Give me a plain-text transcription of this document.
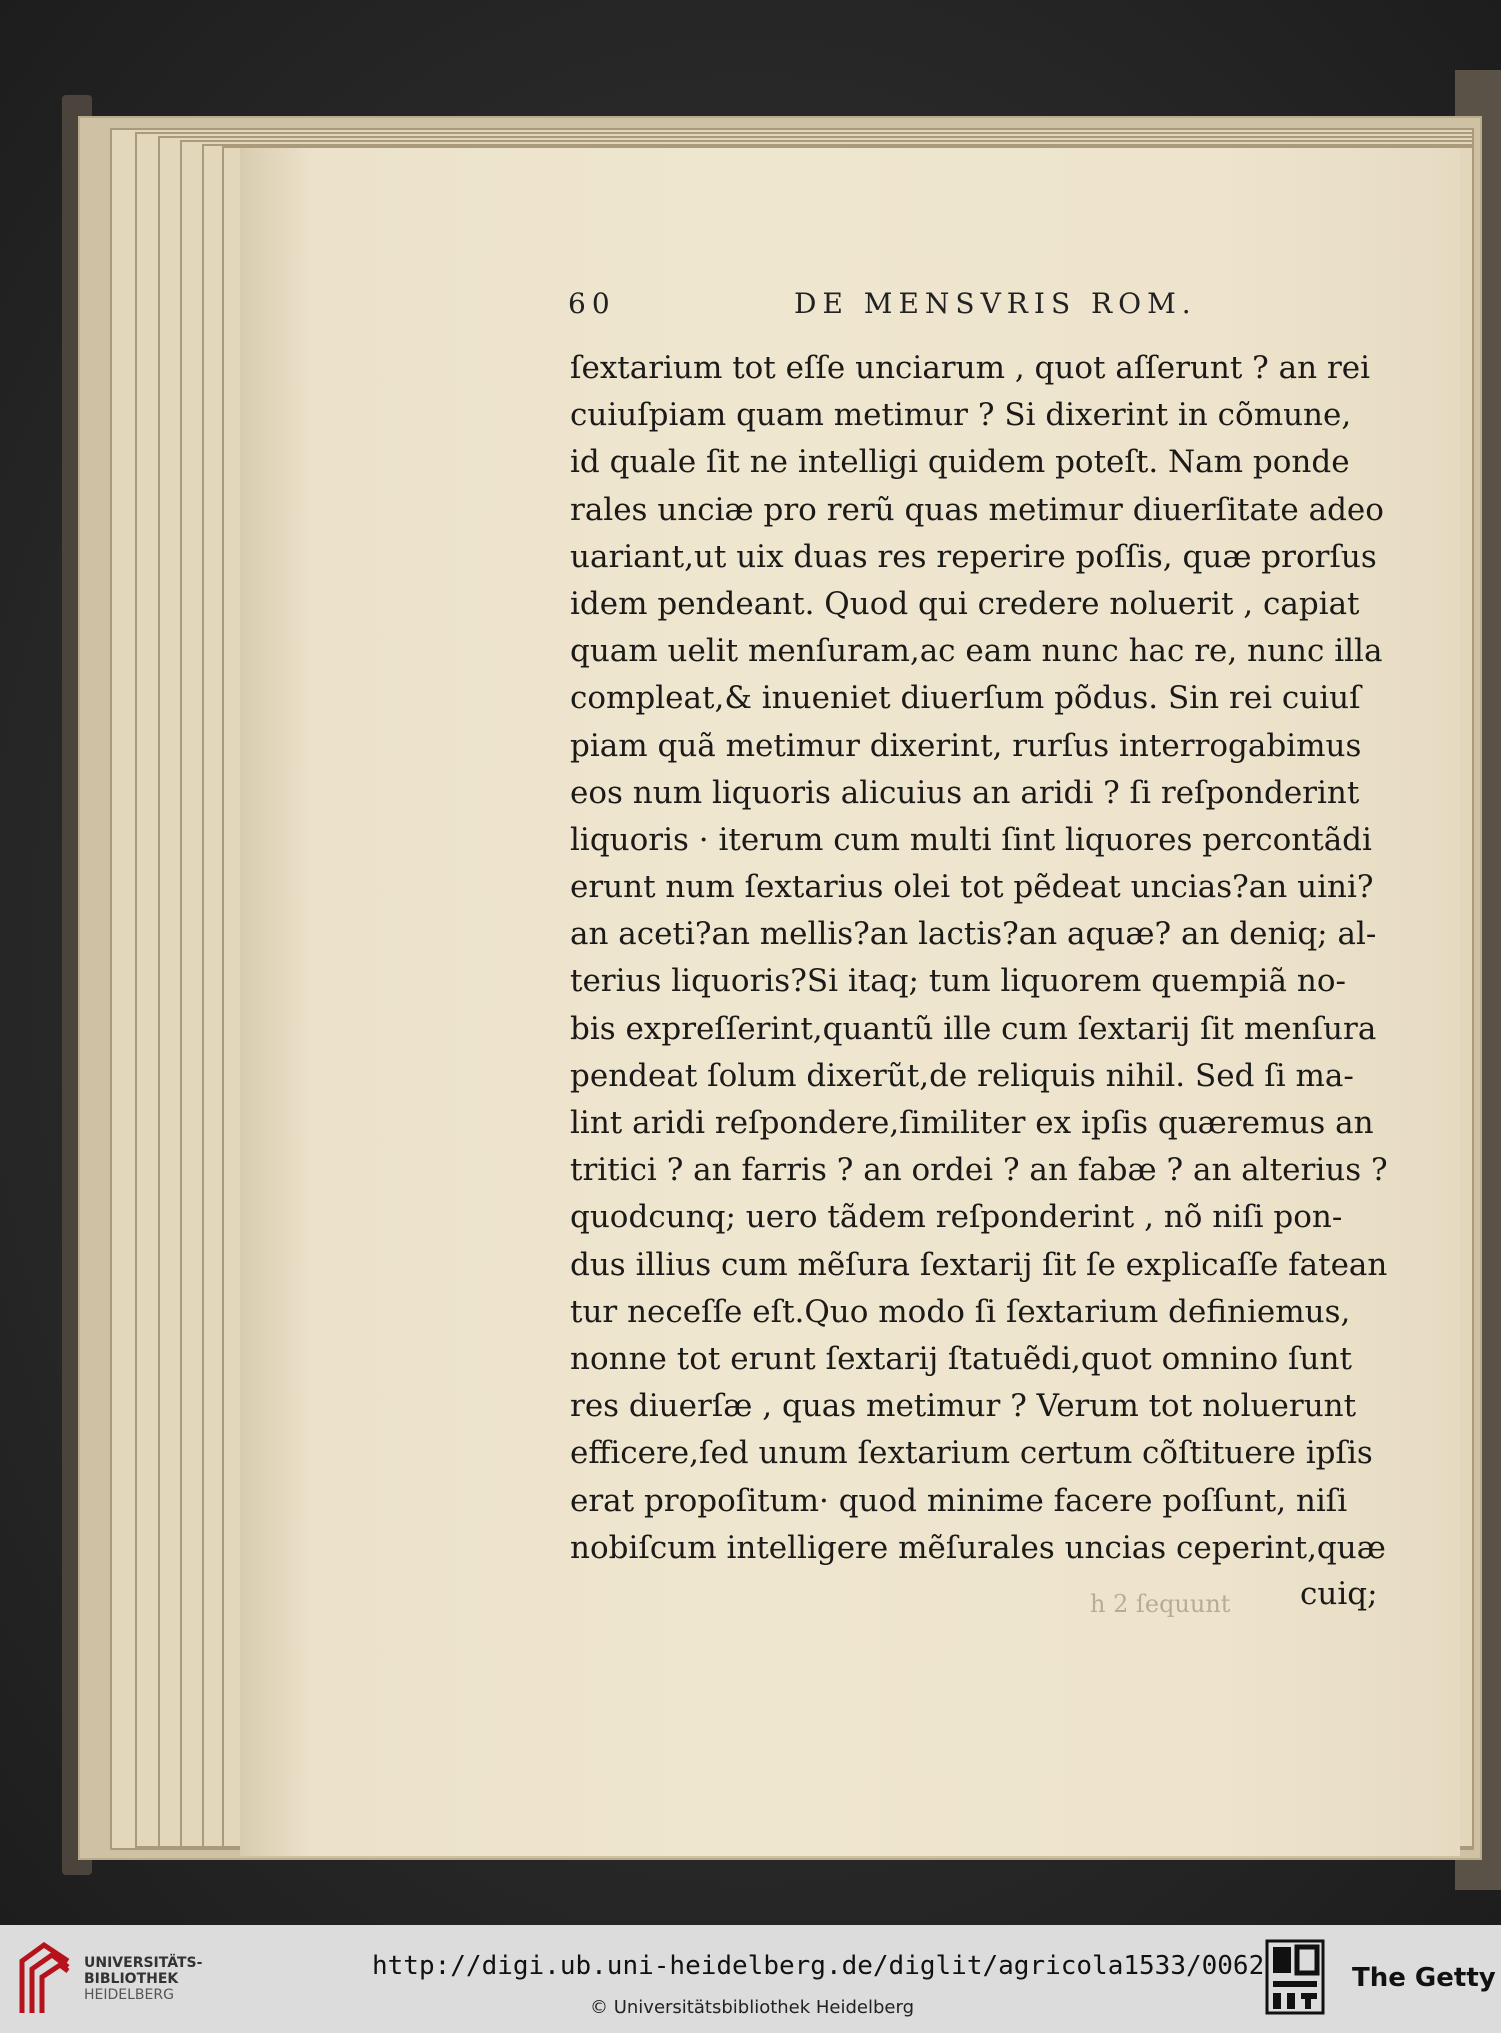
60	DE MENSVRIS ROM.
ſextarium tot eſſe unciarum , quot aſſerunt ? an rei
cuiuſpiam quam metimur ? Si dixerint in cõmune,
id quale ſit ne intelligi quidem poteſt. Nam ponde
rales unciæ pro rerũ quas metimur diuerſitate adeo
uariant,ut uix duas res reperire poſſis, quæ prorſus
idem pendeant. Quod qui credere noluerit , capiat
quam uelit menſuram,ac eam nunc hac re, nunc illa
compleat,& inueniet diuerſum põdus. Sin rei cuiuſ
piam quã metimur dixerint, rurſus interrogabimus
eos num liquoris alicuius an aridi ? ſi reſponderint
liquoris · iterum cum multi ſint liquores percontãdi
erunt num ſextarius olei tot pẽdeat uncias?an uini?
an aceti?an mellis?an lactis?an aquæ? an deniq; al-
terius liquoris?Si itaq; tum liquorem quempiã no-
bis expreſſerint,quantũ ille cum ſextarij ſit menſura
pendeat ſolum dixerũt,de reliquis nihil. Sed ſi ma-
lint aridi reſpondere,ſimiliter ex ipſis quæremus an
tritici ? an farris ? an ordei ? an fabæ ? an alterius ?
quodcunq; uero tãdem reſponderint , nõ niſi pon-
dus illius cum mẽſura ſextarij ſit ſe explicaſſe fatean
tur neceſſe eſt.Quo modo ſi ſextarium definiemus,
nonne tot erunt ſextarij ſtatuẽdi,quot omnino ſunt
res diuerſæ , quas metimur ? Verum tot noluerunt
efficere,ſed unum ſextarium certum cõſtituere ipſis
erat propoſitum· quod minime facere poſſunt, niſi
nobiſcum intelligere mẽſurales uncias ceperint,quæ
h 2 ſequunt cuiq;
UNIVERSITÄTS-
BIBLIOTHEK
HEIDELBERG
http://digi.ub.uni-heidelberg.de/diglit/agricola1533/0062
© Universitätsbibliothek Heidelberg
The Getty
